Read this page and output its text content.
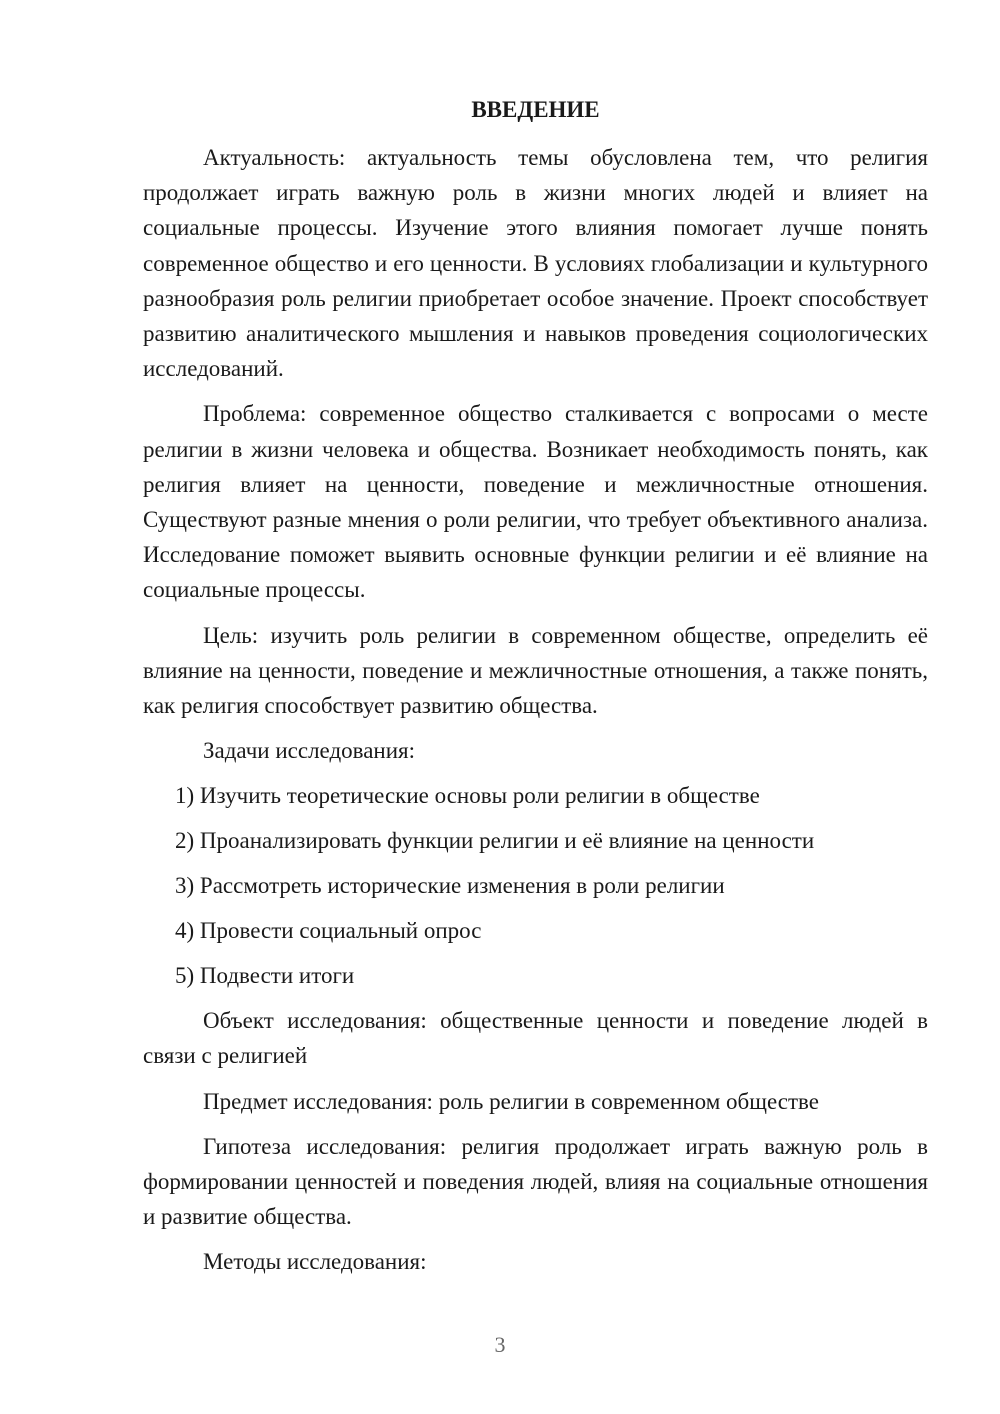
ВВЕДЕНИЕ

Актуальность: актуальность темы обусловлена тем, что религия продолжает играть важную роль в жизни многих людей и влияет на социальные процессы. Изучение этого влияния помогает лучше понять современное общество и его ценности. В условиях глобализации и культурного разнообразия роль религии приобретает особое значение. Проект способствует развитию аналитического мышления и навыков проведения социологических исследований.

Проблема: современное общество сталкивается с вопросами о месте религии в жизни человека и общества. Возникает необходимость понять, как религия влияет на ценности, поведение и межличностные отношения. Существуют разные мнения о роли религии, что требует объективного анализа. Исследование поможет выявить основные функции религии и её влияние на социальные процессы.

Цель: изучить роль религии в современном обществе, определить её влияние на ценности, поведение и межличностные отношения, а также понять, как религия способствует развитию общества.

Задачи исследования:
1) Изучить теоретические основы роли религии в обществе
2) Проанализировать функции религии и её влияние на ценности
3) Рассмотреть исторические изменения в роли религии
4) Провести социальный опрос
5) Подвести итоги

Объект исследования: общественные ценности и поведение людей в связи с религией

Предмет исследования: роль религии в современном обществе

Гипотеза исследования: религия продолжает играть важную роль в формировании ценностей и поведения людей, влияя на социальные отношения и развитие общества.

Методы исследования:

3
